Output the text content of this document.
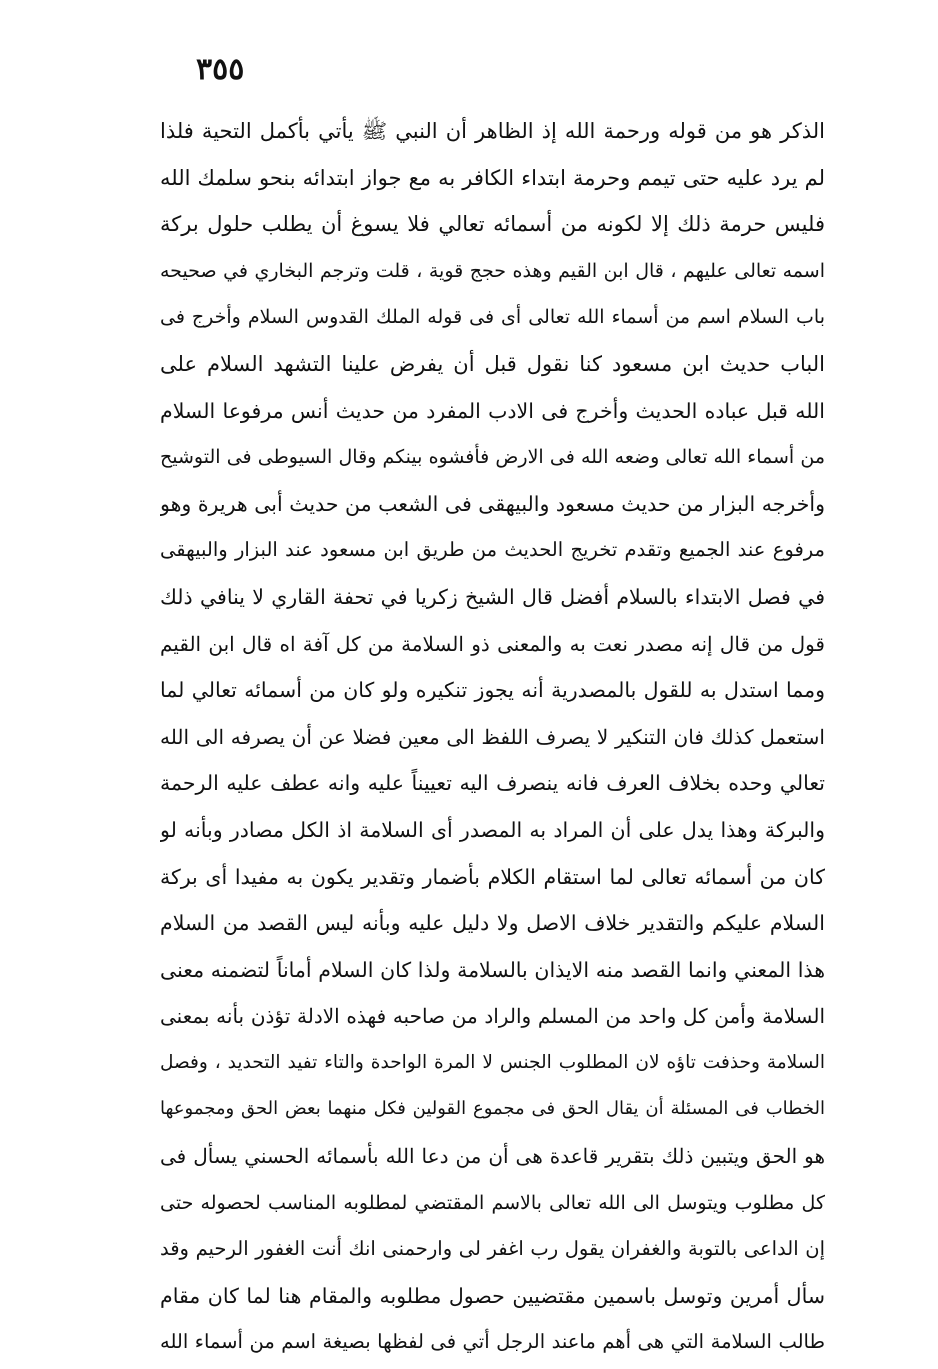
٣٥٥
الذكر هو من قوله ورحمة الله إذ الظاهر أن النبي ﷺ يأتي بأكمل التحية فلذا
لم يرد عليه حتى تيمم وحرمة ابتداء الكافر به مع جواز ابتدائه بنحو سلمك الله
فليس حرمة ذلك إلا لكونه من أسمائه تعالي فلا يسوغ أن يطلب حلول بركة
اسمه تعالى عليهم ، قال ابن القيم وهذه حجج قوية ، قلت وترجم البخاري في صحيحه
باب السلام اسم من أسماء الله تعالى أى فى قوله الملك القدوس السلام وأخرج فى
الباب حديث ابن مسعود كنا نقول قبل أن يفرض علينا التشهد السلام على
الله قبل عباده الحديث وأخرج فى الادب المفرد من حديث أنس مرفوعا السلام
من أسماء الله تعالى وضعه الله فى الارض فأفشوه بينكم وقال السيوطى فى التوشيح
وأخرجه البزار من حديث مسعود والبيهقى فى الشعب من حديث أبى هريرة وهو
مرفوع عند الجميع وتقدم تخريج الحديث من طريق ابن مسعود عند البزار والبيهقى
في فصل الابتداء بالسلام أفضل قال الشيخ زكريا في تحفة القاري لا ينافي ذلك
قول من قال إنه مصدر نعت به والمعنى ذو السلامة من كل آفة اه قال ابن القيم
ومما استدل به للقول بالمصدرية أنه يجوز تنكيره ولو كان من أسمائه تعالي لما
استعمل كذلك فان التنكير لا يصرف اللفظ الى معين فضلا عن أن يصرفه الى الله
تعالي وحده بخلاف العرف فانه ينصرف اليه تعييناً عليه وانه عطف عليه الرحمة
والبركة وهذا يدل على أن المراد به المصدر أى السلامة اذ الكل مصادر وبأنه لو
كان من أسمائه تعالى لما استقام الكلام بأضمار وتقدير يكون به مفيدا أى بركة
السلام عليكم والتقدير خلاف الاصل ولا دليل عليه وبأنه ليس القصد من السلام
هذا المعني وانما القصد منه الايذان بالسلامة ولذا كان السلام أماناً لتضمنه معنى
السلامة وأمن كل واحد من المسلم والراد من صاحبه فهذه الادلة تؤذن بأنه بمعنى
السلامة وحذفت تاؤه لان المطلوب الجنس لا المرة الواحدة والتاء تفيد التحديد ، وفصل
الخطاب فى المسئلة أن يقال الحق فى مجموع القولين فكل منهما بعض الحق ومجموعها
هو الحق ويتبين ذلك بتقرير قاعدة هى أن من دعا الله بأسمائه الحسني يسأل فى
كل مطلوب ويتوسل الى الله تعالى بالاسم المقتضي لمطلوبه المناسب لحصوله حتى
إن الداعى بالتوبة والغفران يقول رب اغفر لى وارحمنى انك أنت الغفور الرحيم وقد
سأل أمرين وتوسل باسمين مقتضيين حصول مطلوبه والمقام هنا لما كان مقام
طالب السلامة التي هى أهم ماعند الرجل أتي فى لفظها بصيغة اسم من أسماء الله
